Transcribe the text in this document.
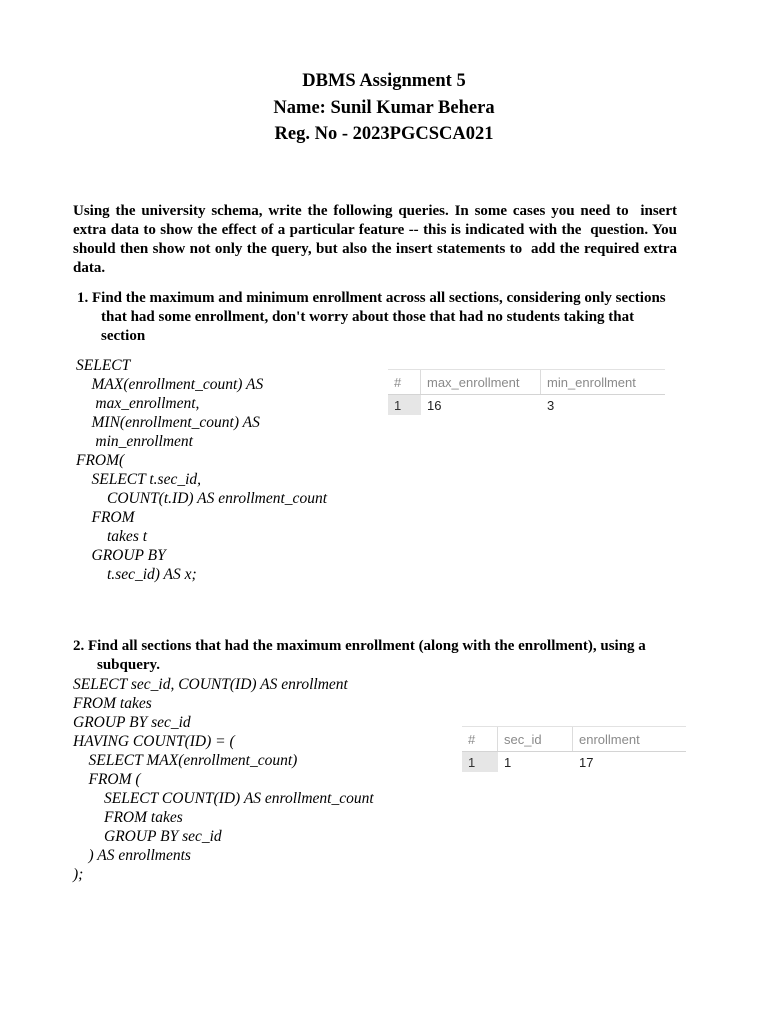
DBMS Assignment 5
Name: Sunil Kumar Behera
Reg. No - 2023PGCSCA021
Using the university schema, write the following queries. In some cases you need to  insert extra data to show the effect of a particular feature -- this is indicated with the  question. You should then show not only the query, but also the insert statements to  add the required extra data.
1. Find the maximum and minimum enrollment across all sections, considering only sections that had some enrollment, don't worry about those that had no students taking that section
SELECT
MAX(enrollment_count) AS
max_enrollment,
MIN(enrollment_count) AS
min_enrollment
FROM(
SELECT t.sec_id,
COUNT(t.ID) AS enrollment_count
FROM
takes t
GROUP BY
t.sec_id) AS x;
#	max_enrollment	min_enrollment
1	16	3
2. Find all sections that had the maximum enrollment (along with the enrollment), using a subquery.
SELECT sec_id, COUNT(ID) AS enrollment
FROM takes
GROUP BY sec_id
HAVING COUNT(ID) = (
SELECT MAX(enrollment_count)
FROM (
SELECT COUNT(ID) AS enrollment_count
FROM takes
GROUP BY sec_id
) AS enrollments
);
#	sec_id	enrollment
1	1	17
